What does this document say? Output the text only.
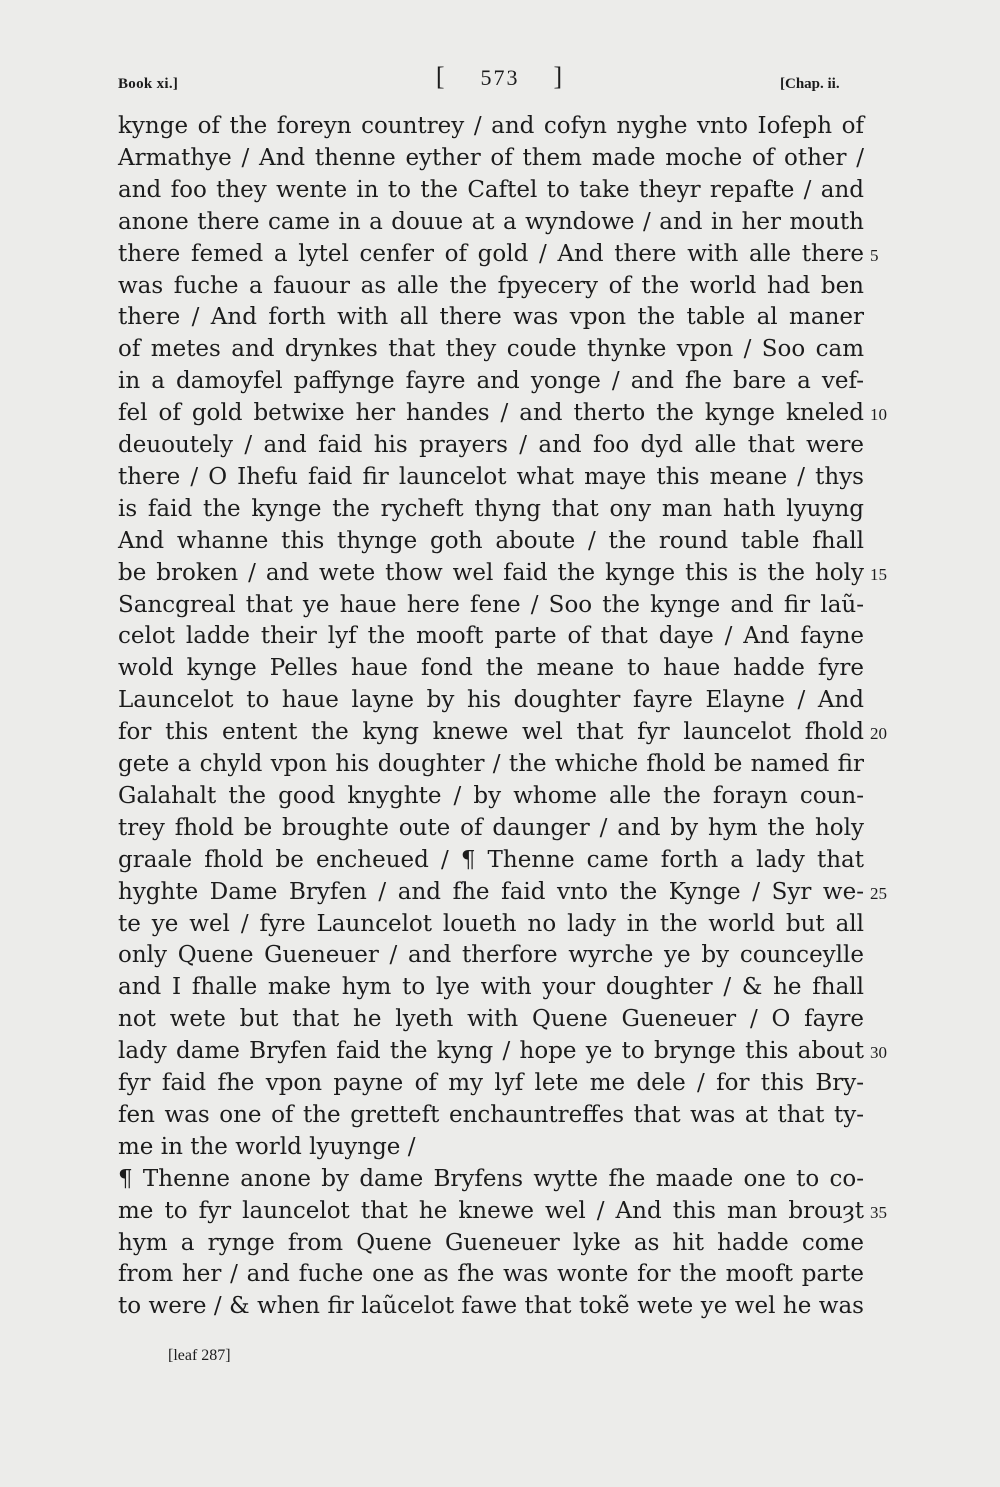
Book xi.]	[ 573 ]	[Chap. ii.
kynge of the foreyn countrey / and cofyn nyghe vnto Iofeph of
Armathye / And thenne eyther of them made moche of other /
and foo they wente in to the Caftel to take theyr repafte / and
anone there came in a douue at a wyndowe / and in her mouth
there femed a lytel cenfer of gold / And there with alle there
was fuche a fauour as alle the fpyecery of the world had ben
there / And forth with all there was vpon the table al maner
of metes and drynkes that they coude thynke vpon / Soo cam
in a damoyfel paffynge fayre and yonge / and fhe bare a vef-
fel of gold betwixe her handes / and therto the kynge kneled
deuoutely / and faid his prayers / and foo dyd alle that were
there / O Ihefu faid fir launcelot what maye this meane / thys
is faid the kynge the rycheft thyng that ony man hath lyuyng
And whanne this thynge goth aboute / the round table fhall
be broken / and wete thow wel faid the kynge this is the holy
Sancgreal that ye haue here fene / Soo the kynge and fir laũ-
celot ladde their lyf the mooft parte of that daye / And fayne
wold kynge Pelles haue fond the meane to haue hadde fyre
Launcelot to haue layne by his doughter fayre Elayne / And
for this entent the kyng knewe wel that fyr launcelot fhold
gete a chyld vpon his doughter / the whiche fhold be named fir
Galahalt the good knyghte / by whome alle the forayn coun-
trey fhold be broughte oute of daunger / and by hym the holy
graale fhold be encheued / ¶ Thenne came forth a lady that
hyghte Dame Bryfen / and fhe faid vnto the Kynge / Syr we-
te ye wel / fyre Launcelot loueth no lady in the world but all
only Quene Gueneuer / and therfore wyrche ye by counceylle
and I fhalle make hym to lye with your doughter / & he fhall
not wete but that he lyeth with Quene Gueneuer / O fayre
lady dame Bryfen faid the kyng / hope ye to brynge this about
fyr faid fhe vpon payne of my lyf lete me dele / for this Bry-
fen was one of the gretteft enchauntreffes that was at that ty-
me in the world lyuynge /
¶ Thenne anone by dame Bryfens wytte fhe maade one to co-
me to fyr launcelot that he knewe wel / And this man brouȝt
hym a rynge from Quene Gueneuer lyke as hit hadde come
from her / and fuche one as fhe was wonte for the mooft parte
to were / & when fir laũcelot fawe that tokẽ wete ye wel he was
5
10
15
20
25
30
35
[leaf 287]
